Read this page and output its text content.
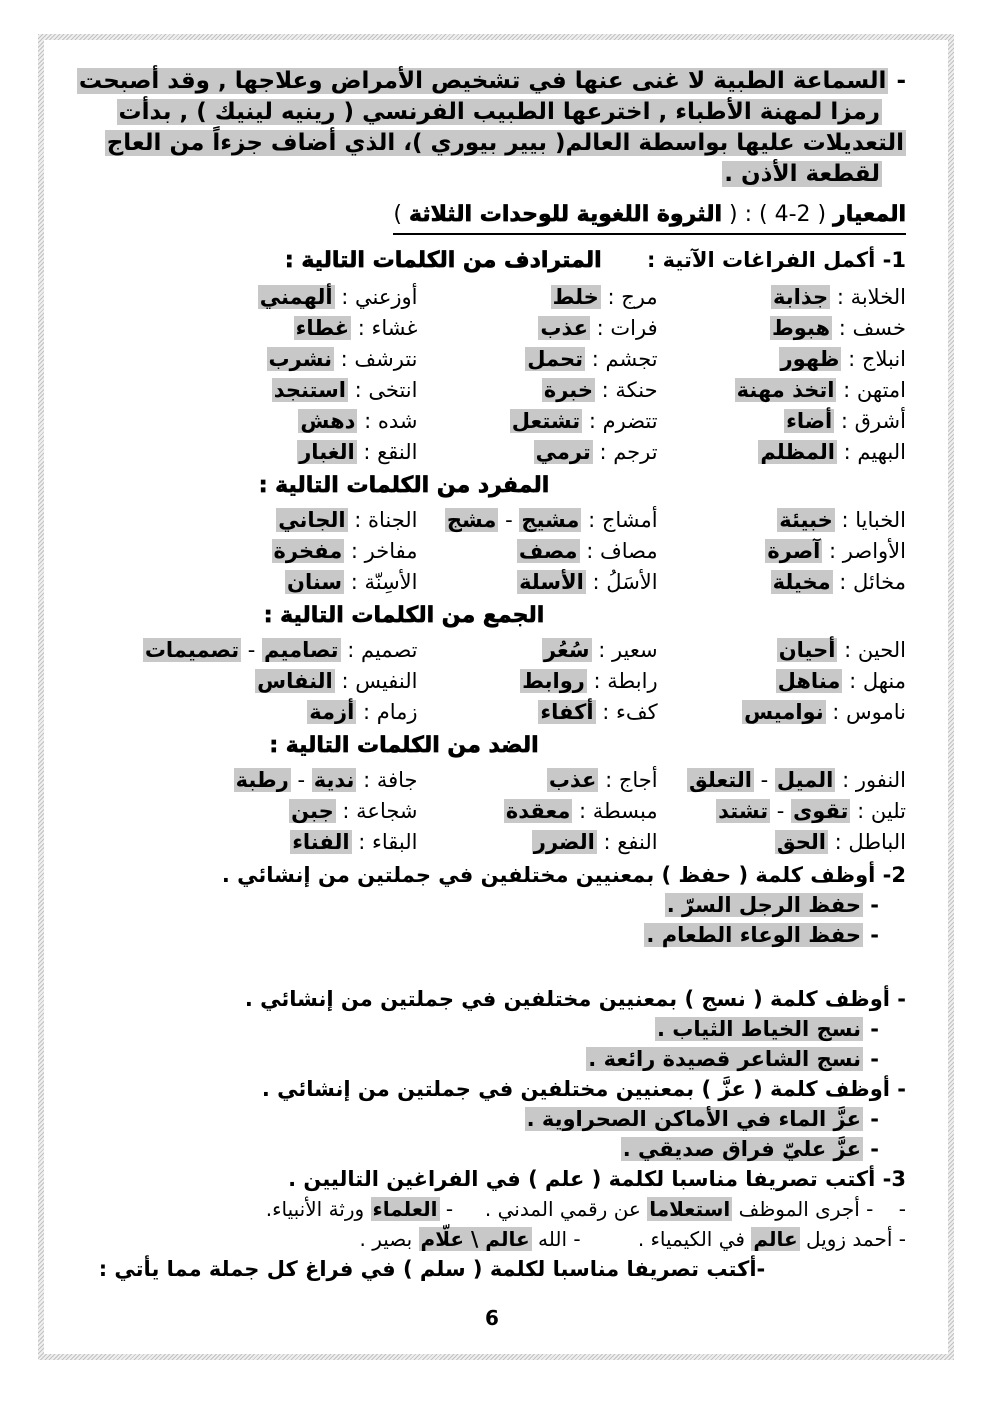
- السماعة الطبية لا غنى عنها في تشخيص الأمراض وعلاجها , وقد أصبحت
رمزا لمهنة الأطباء , اخترعها الطبيب الفرنسي ( رينيه لينيك ) , بدأت
التعديلات عليها بواسطة العالم( بيير بيوري )، الذي أضاف جزءاً من العاج
لقطعة الأذن .
المعيار ( 2-4 ) : ( الثروة اللغوية للوحدات الثلاثة )
1- أكمل الفراغات الآتية : المترادف من الكلمات التالية :
الخلابة : جذابة
مرج : خلط
أوزعني : ألهمني
خسف : هبوط
فرات : عذب
غشاء : غطاء
انبلاج : ظهور
تجشم : تحمل
نترشف : نشرب
امتهن : اتخذ مهنة
حنكة : خبرة
انتخى : استنجد
أشرق : أضاء
تتضرم : تشتعل
شده : دهش
البهيم : المظلم
ترجم : ترمي
النقع : الغبار
المفرد من الكلمات التالية :
الخبايا : خبيئة
أمشاج : مشيج - مشج
الجناة : الجاني
الأواصر : آصرة
مصاف : مصف
مفاخر : مفخرة
مخائل : مخيلة
الأسَلُ : الأسلة
الأسِنّة : سنان
الجمع من الكلمات التالية :
الحين : أحيان
سعير : سُعُر
تصميم : تصاميم - تصميمات
منهل : مناهل
رابطة : روابط
النفيس : النفاس
ناموس : نواميس
كفء : أكفاء
زمام : أزمة
الضد من الكلمات التالية :
النفور : الميل - التعلق
أجاج : عذب
جافة : ندية - رطبة
تلين : تقوى - تشتد
مبسطة : معقدة
شجاعة : جبن
الباطل : الحق
النفع : الضرر
البقاء : الفناء
2- أوظف كلمة ( حفظ ) بمعنيين مختلفين في جملتين من إنشائي .
- حفظ الرجل السرّ .
- حفظ الوعاء الطعام .
- أوظف كلمة ( نسج ) بمعنيين مختلفين في جملتين من إنشائي .
- نسج الخياط الثياب .
- نسج الشاعر قصيدة رائعة .
- أوظف كلمة ( عزَّ ) بمعنيين مختلفين في جملتين من إنشائي .
- عزَّ الماء في الأماكن الصحراوية .
- عزَّ عليّ فراق صديقي .
3- أكتب تصريفا مناسبا لكلمة ( علم ) في الفراغين التاليين .
-    - أجرى الموظف استعلاما عن رقمي المدني .     - العلماء ورثة الأنبياء.
- أحمد زويل عالم في الكيمياء .         - الله عالم \ علّام بصير .
-أكتب تصريفا مناسبا لكلمة ( سلم ) في فراغ كل جملة مما يأتي :
6
